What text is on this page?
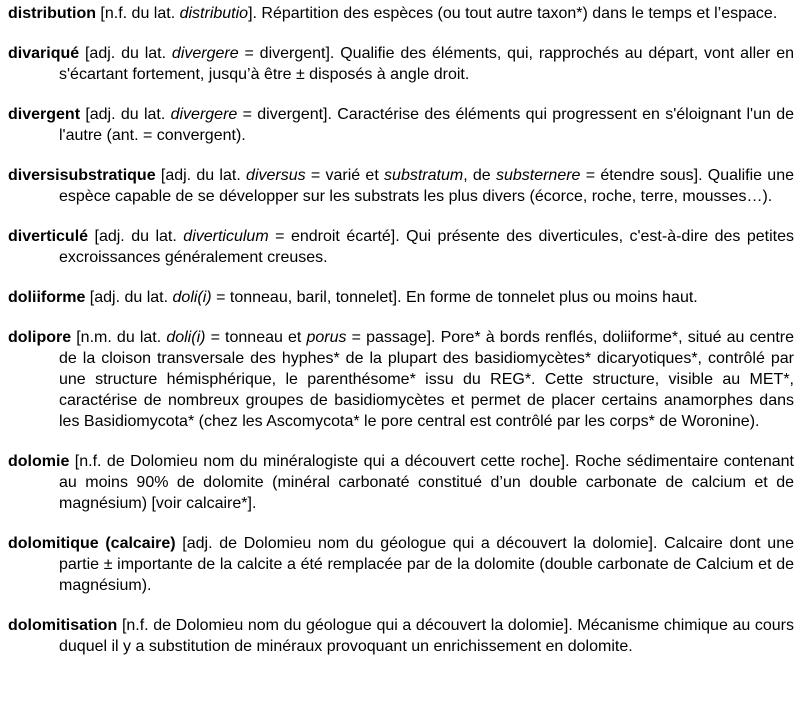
distribution [n.f. du lat. distributio]. Répartition des espèces (ou tout autre taxon*) dans le temps et l’espace.

divariqué [adj. du lat. divergere = divergent]. Qualifie des éléments, qui, rapprochés au départ, vont aller en s'écartant fortement, jusqu’à être ± disposés à angle droit.

divergent [adj. du lat. divergere = divergent]. Caractérise des éléments qui progressent en s'éloignant l'un de l'autre (ant. = convergent).

diversisubstratique [adj. du lat. diversus = varié et substratum, de substernere = étendre sous]. Qualifie une espèce capable de se développer sur les substrats les plus divers (écorce, roche, terre, mousses…).

diverticulé [adj. du lat. diverticulum = endroit écarté]. Qui présente des diverticules, c'est-à-dire des petites excroissances généralement creuses.

doliiforme [adj. du lat. doli(i) = tonneau, baril, tonnelet]. En forme de tonnelet plus ou moins haut.

dolipore [n.m. du lat. doli(i) = tonneau et porus = passage]. Pore* à bords renflés, doliiforme*, situé au centre de la cloison transversale des hyphes* de la plupart des basidiomycètes* dicaryotiques*, contrôlé par une structure hémisphérique, le parenthésome* issu du REG*. Cette structure, visible au MET*, caractérise de nombreux groupes de basidiomycètes et permet de placer certains anamorphes dans les Basidiomycota* (chez les Ascomycota* le pore central est contrôlé par les corps* de Woronine).

dolomie [n.f. de Dolomieu nom du minéralogiste qui a découvert cette roche]. Roche sédimentaire contenant au moins 90% de dolomite (minéral carbonaté constitué d’un double carbonate de calcium et de magnésium) [voir calcaire*].

dolomitique (calcaire) [adj. de Dolomieu nom du géologue qui a découvert la dolomie]. Calcaire dont une partie ± importante de la calcite a été remplacée par de la dolomite (double carbonate de Calcium et de magnésium).

dolomitisation [n.f. de Dolomieu nom du géologue qui a découvert la dolomie]. Mécanisme chimique au cours duquel il y a substitution de minéraux provoquant un enrichissement en dolomite.
